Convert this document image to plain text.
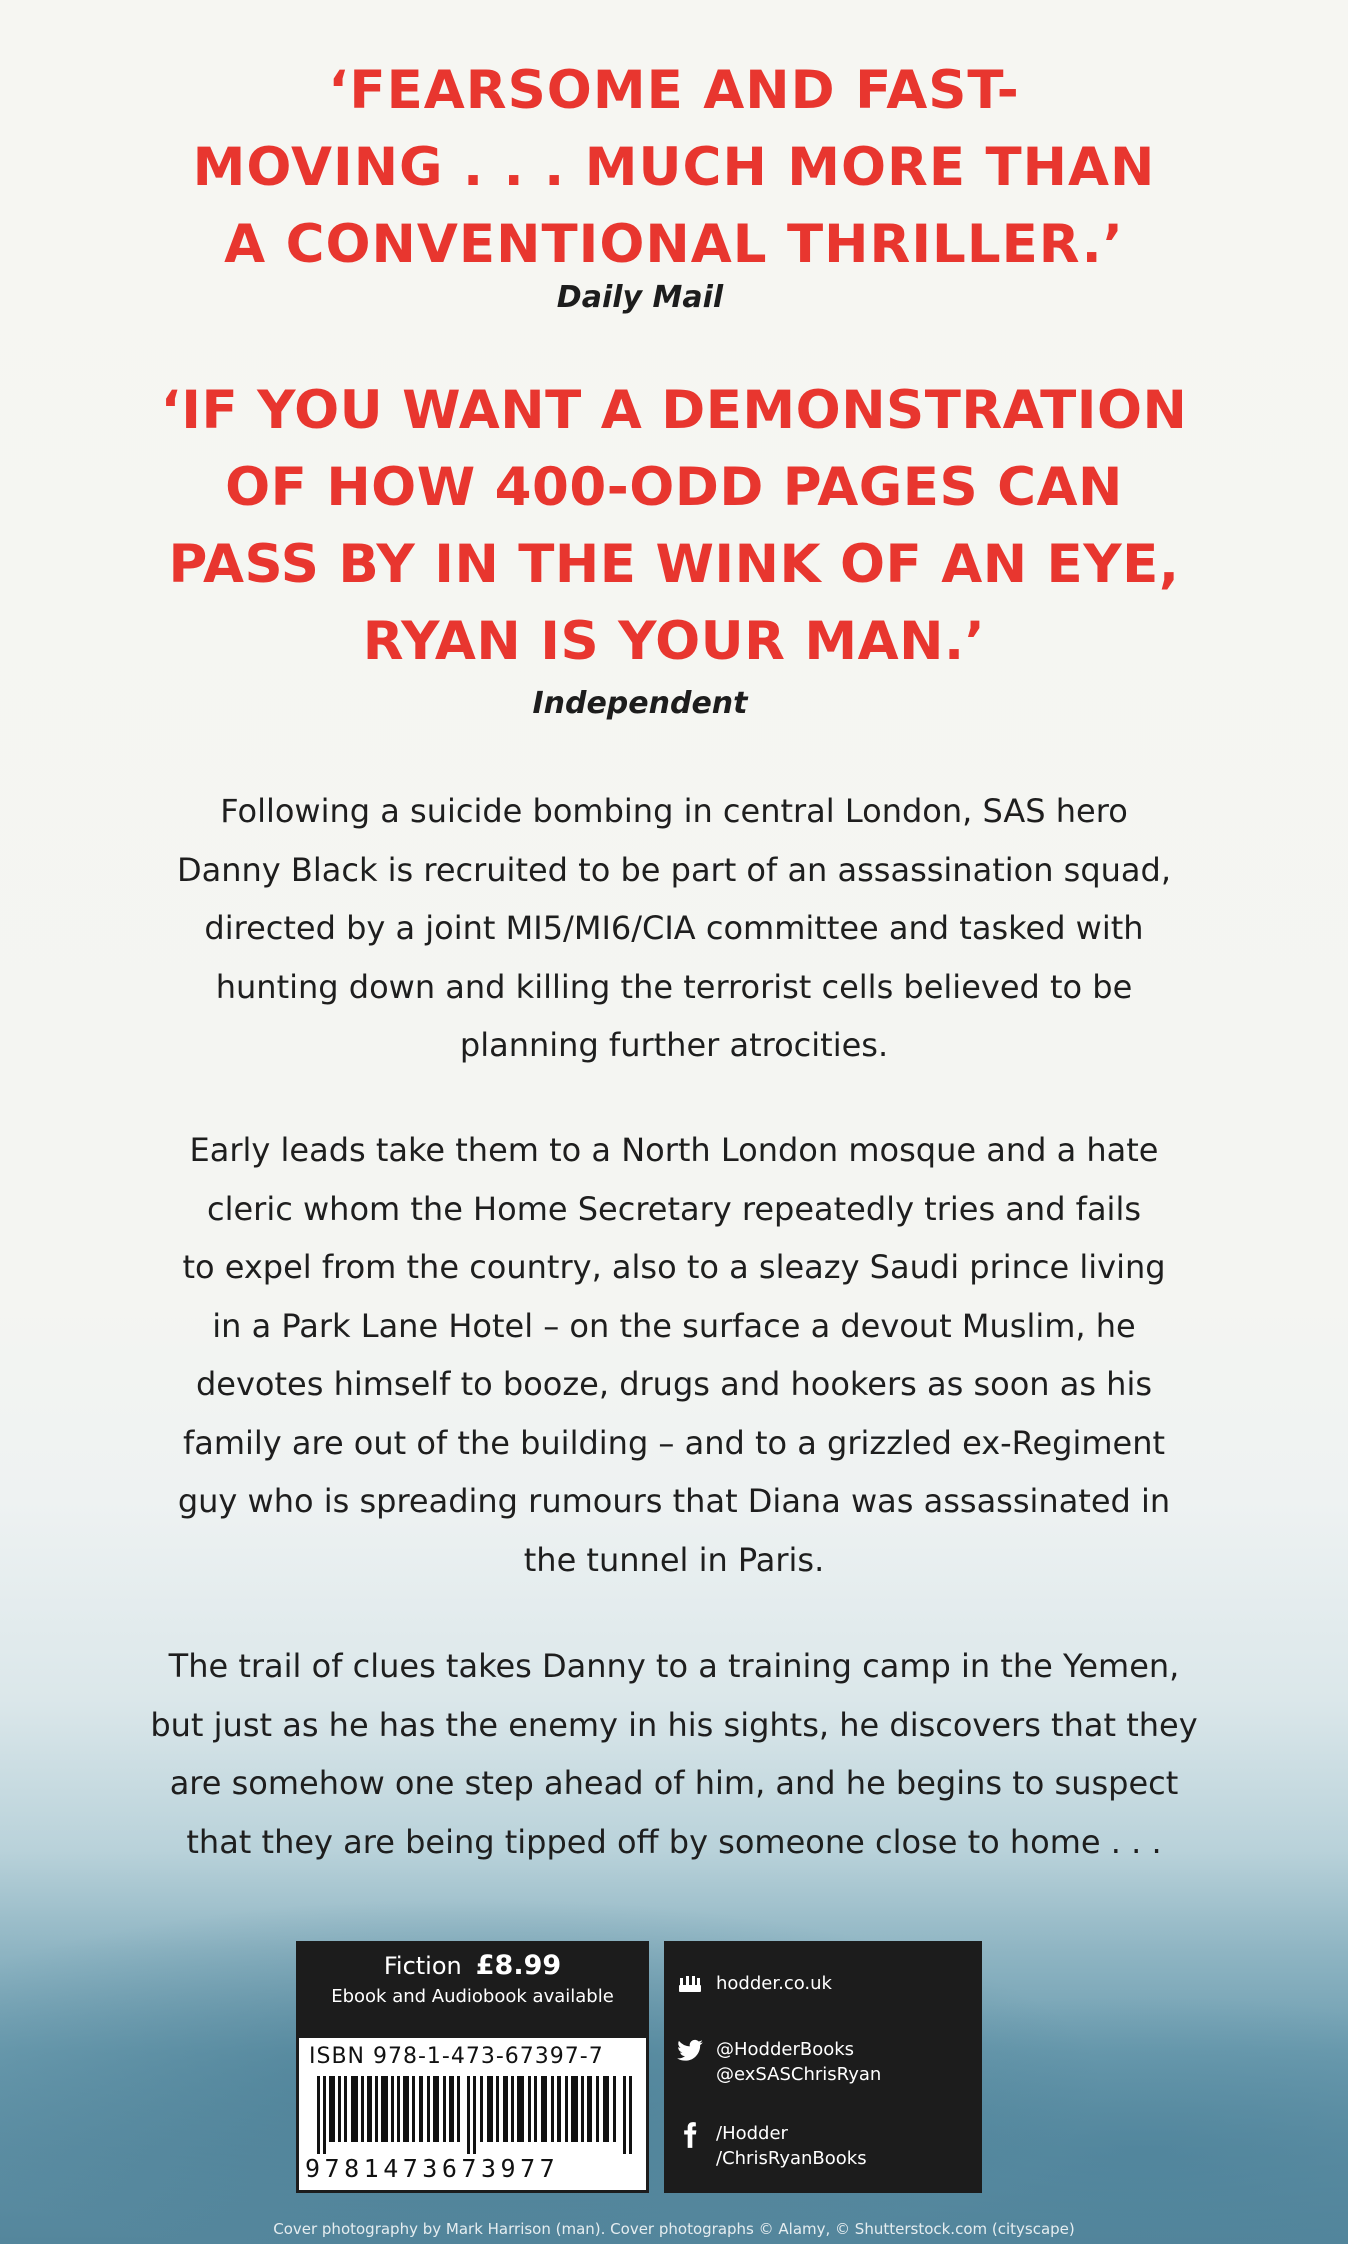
‘FEARSOME AND FAST-
MOVING . . . MUCH MORE THAN
A CONVENTIONAL THRILLER.’

Daily Mail

‘IF YOU WANT A DEMONSTRATION
OF HOW 400-ODD PAGES CAN
PASS BY IN THE WINK OF AN EYE,
RYAN IS YOUR MAN.’

Independent

Following a suicide bombing in central London, SAS hero
Danny Black is recruited to be part of an assassination squad,
directed by a joint MI5/MI6/CIA committee and tasked with
hunting down and killing the terrorist cells believed to be
planning further atrocities.

Early leads take them to a North London mosque and a hate
cleric whom the Home Secretary repeatedly tries and fails
to expel from the country, also to a sleazy Saudi prince living
in a Park Lane Hotel – on the surface a devout Muslim, he
devotes himself to booze, drugs and hookers as soon as his
family are out of the building – and to a grizzled ex-Regiment
guy who is spreading rumours that Diana was assassinated in
the tunnel in Paris.

The trail of clues takes Danny to a training camp in the Yemen,
but just as he has the enemy in his sights, he discovers that they
are somehow one step ahead of him, and he begins to suspect
that they are being tipped off by someone close to home . . .

Fiction £8.99
Ebook and Audiobook available
ISBN 978-1-473-67397-7
9781473673977
hodder.co.uk
@HodderBooks
@exSASChrisRyan
/Hodder
/ChrisRyanBooks

Cover photography by Mark Harrison (man). Cover photographs © Alamy, © Shutterstock.com (cityscape)
